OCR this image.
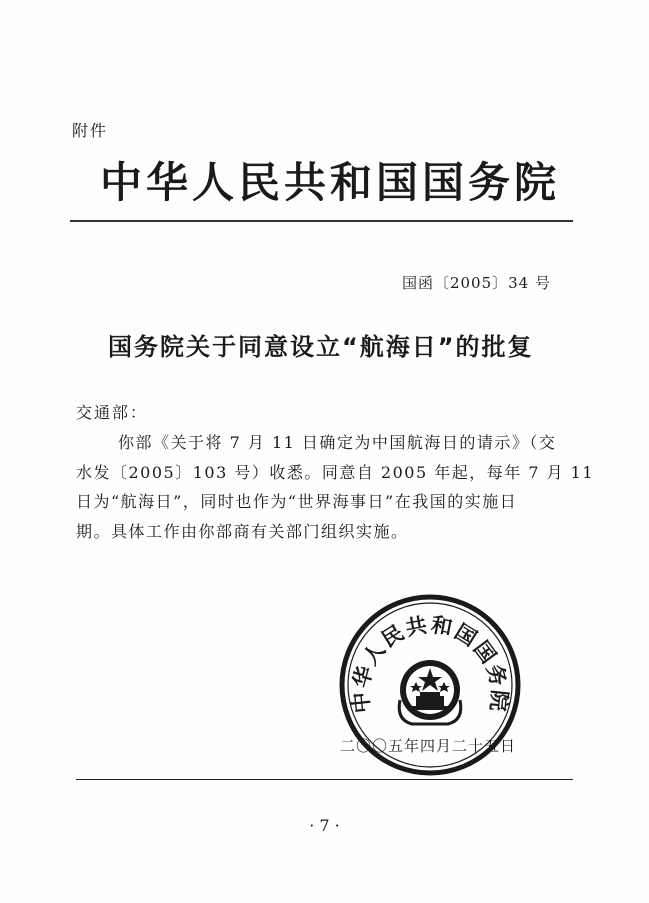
附件
中华人民共和国国务院
国函〔2005〕34 号
国务院关于同意设立“航海日”的批复
交通部：
你部《关于将 7 月 11 日确定为中国航海日的请示》（交
水发〔2005〕103 号）收悉。同意自 2005 年起，每年 7 月 11
日为“航海日”，同时也作为“世界海事日”在我国的实施日
期。具体工作由你部商有关部门组织实施。
中华人民共和国国务院
二〇〇五年四月二十五日
· 7 ·
